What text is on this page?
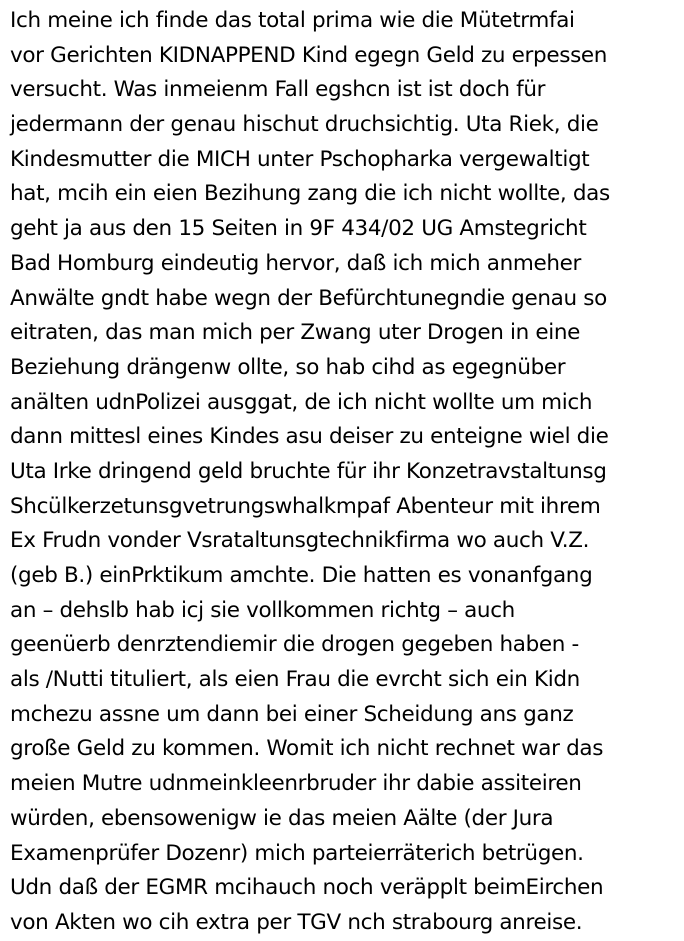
Ich meine ich finde das total prima wie die Mütetrmfai
vor Gerichten KIDNAPPEND Kind egegn Geld zu erpessen
versucht. Was inmeienm Fall egshcn ist ist doch für
jedermann der genau hischut druchsichtig. Uta Riek, die
Kindesmutter die MICH unter Pschopharka vergewaltigt
hat, mcih ein eien Bezihung zang die ich nicht wollte, das
geht ja aus den 15 Seiten in 9F 434/02 UG Amstegricht
Bad Homburg eindeutig hervor, daß ich mich anmeher
Anwälte gndt habe wegn der Befürchtunegndie genau so
eitraten, das man mich per Zwang uter Drogen in eine
Beziehung drängenw ollte, so hab cihd as egegnüber
anälten udnPolizei ausggat, de ich nicht wollte um mich
dann mittesl eines Kindes asu deiser zu enteigne wiel die
Uta Irke dringend geld bruchte für ihr Konzetravstaltunsg
Shcülkerzetunsgvetrungswhalkmpaf Abenteur mit ihrem
Ex Frudn vonder Vsrataltunsgtechnikfirma wo auch V.Z.
(geb B.) einPrktikum amchte. Die hatten es vonanfgang
an – dehslb hab icj sie vollkommen richtg – auch
geenüerb denrztendiemir die drogen gegeben haben -
als /Nutti tituliert, als eien Frau die evrcht sich ein Kidn
mchezu assne um dann bei einer Scheidung ans ganz
große Geld zu kommen. Womit ich nicht rechnet war das
meien Mutre udnmeinkleenrbruder ihr dabie assiteiren
würden, ebensowenigw ie das meien Aälte (der Jura
Examenprüfer Dozenr) mich parteierräterich betrügen.
Udn daß der EGMR mcihauch noch veräpplt beimEirchen
von Akten wo cih extra per TGV nch strabourg anreise.
